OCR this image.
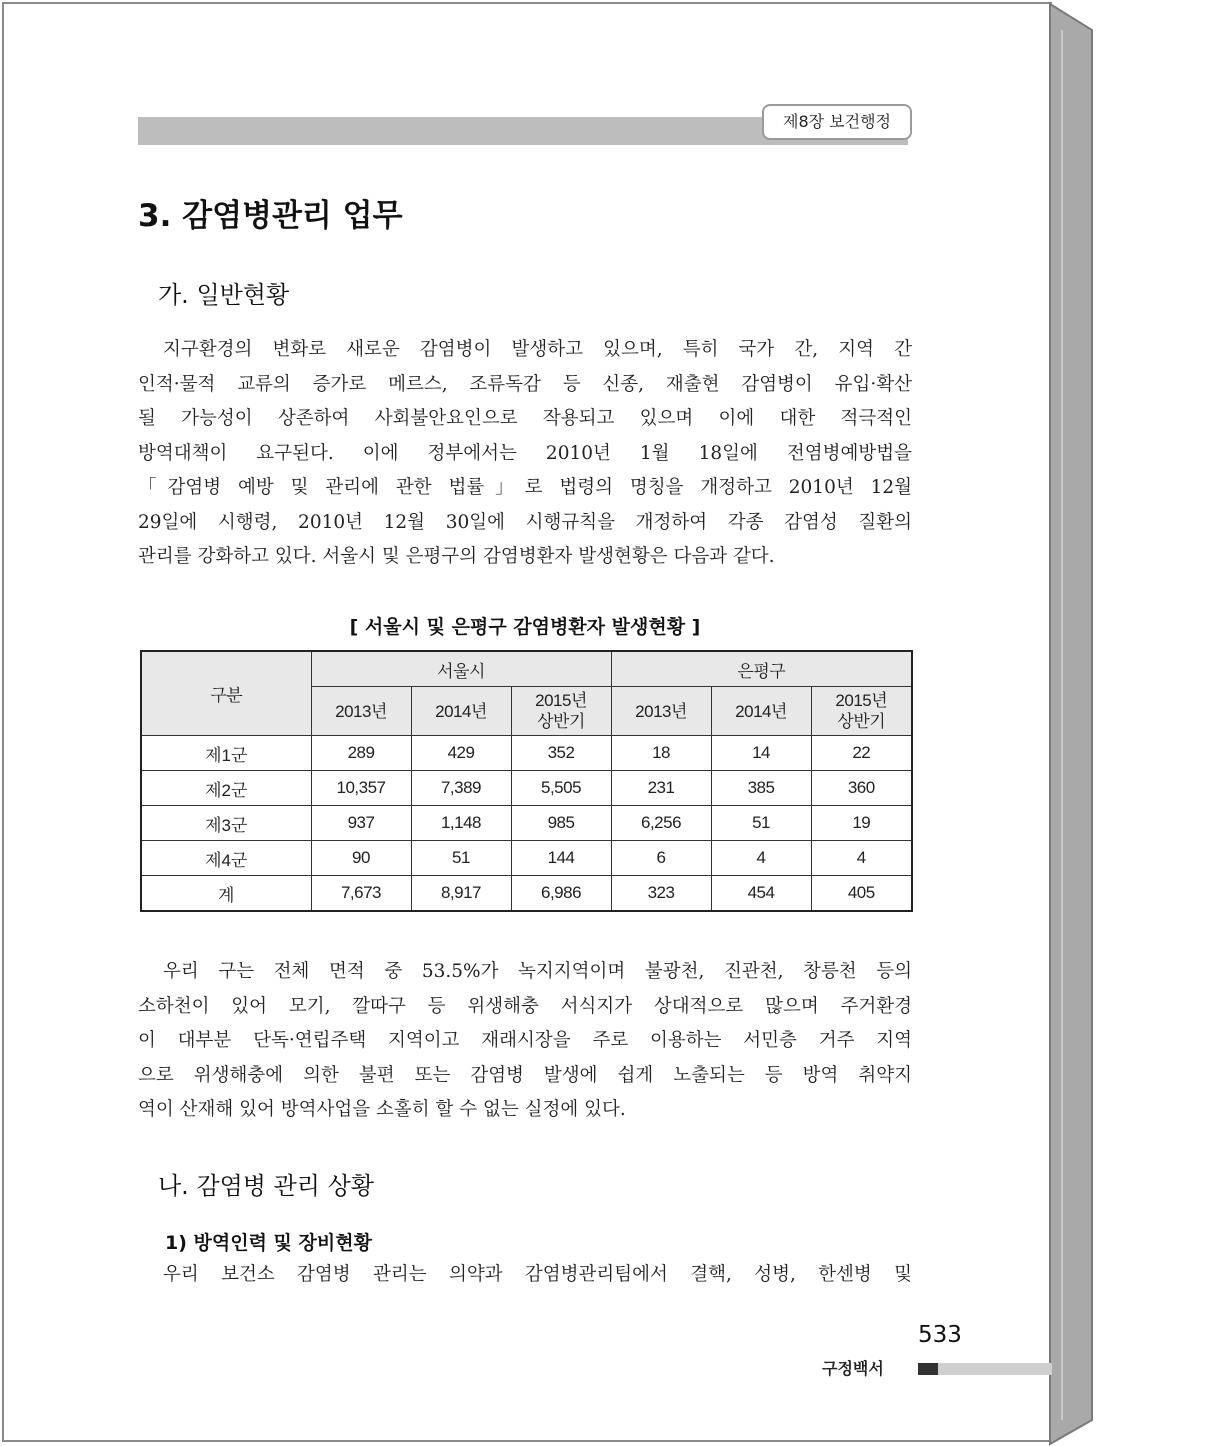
제8장 보건행정
3. 감염병관리 업무
가. 일반현황

지구환경의 변화로 새로운 감염병이 발생하고 있으며, 특히 국가 간, 지역 간
인적·물적 교류의 증가로 메르스, 조류독감 등 신종, 재출현 감염병이 유입·확산
될 가능성이 상존하여 사회불안요인으로 작용되고 있으며 이에 대한 적극적인
방역대책이 요구된다. 이에 정부에서는 2010년 1월 18일에 전염병예방법을
「감염병 예방 및 관리에 관한 법률」로 법령의 명칭을 개정하고 2010년 12월
29일에 시행령, 2010년 12월 30일에 시행규칙을 개정하여 각종 감염성 질환의
관리를 강화하고 있다. 서울시 및 은평구의 감염병환자 발생현황은 다음과 같다.

[ 서울시 및 은평구 감염병환자 발생현황 ]
구분	서울시			은평구		
	2013년	2014년	2015년 상반기	2013년	2014년	2015년 상반기
제1군	289	429	352	18	14	22
제2군	10,357	7,389	5,505	231	385	360
제3군	937	1,148	985	6,256	51	19
제4군	90	51	144	6	4	4
계	7,673	8,917	6,986	323	454	405

우리 구는 전체 면적 중 53.5%가 녹지지역이며 불광천, 진관천, 창릉천 등의
소하천이 있어 모기, 깔따구 등 위생해충 서식지가 상대적으로 많으며 주거환경
이 대부분 단독·연립주택 지역이고 재래시장을 주로 이용하는 서민층 거주 지역
으로 위생해충에 의한 불편 또는 감염병 발생에 쉽게 노출되는 등 방역 취약지
역이 산재해 있어 방역사업을 소홀히 할 수 없는 실정에 있다.

나. 감염병 관리 상황
1) 방역인력 및 장비현황

우리 보건소 감염병 관리는 의약과 감염병관리팀에서 결핵, 성병, 한센병 및

533
구정백서
